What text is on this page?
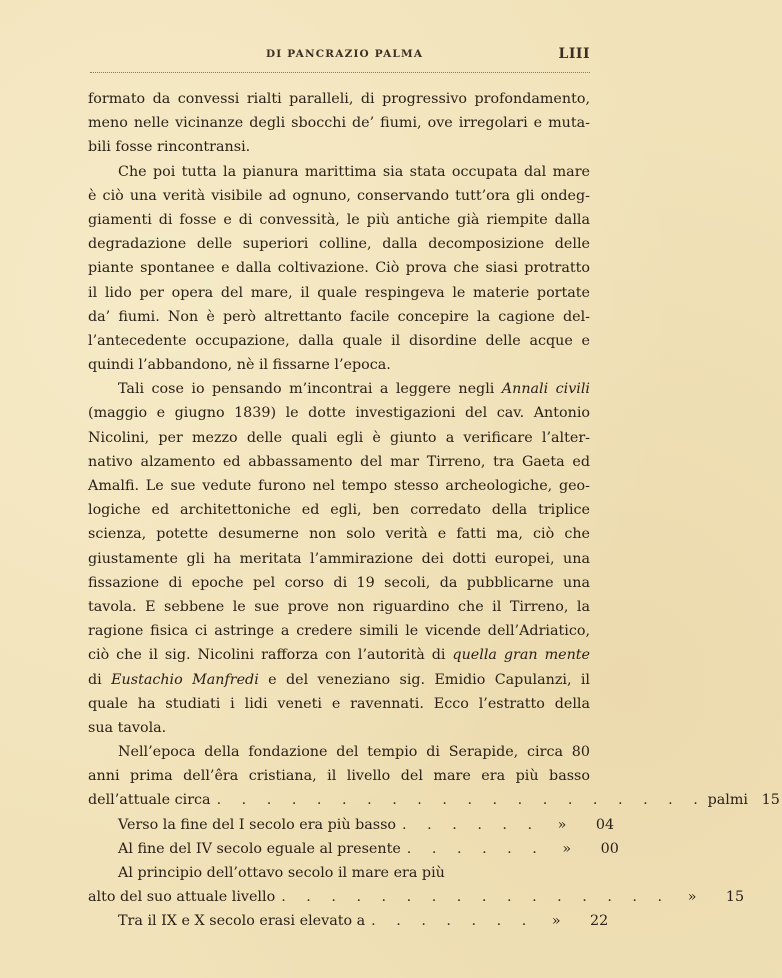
DI PANCRAZIO PALMA	LIII
formato da convessi rialti paralleli, di progressivo profondamento,
meno nelle vicinanze degli sbocchi de’ fiumi, ove irregolari e muta-
bili fosse rincontransi.
Che poi tutta la pianura marittima sia stata occupata dal mare
è ciò una verità visibile ad ognuno, conservando tutt’ora gli ondeg-
giamenti di fosse e di convessità, le più antiche già riempite dalla
degradazione delle superiori colline, dalla decomposizione delle
piante spontanee e dalla coltivazione. Ciò prova che siasi protratto
il lido per opera del mare, il quale respingeva le materie portate
da’ fiumi. Non è però altrettanto facile concepire la cagione del-
l’antecedente occupazione, dalla quale il disordine delle acque e
quindi l’abbandono, nè il fissarne l’epoca.
Tali cose io pensando m’incontrai a leggere negli Annali civili
(maggio e giugno 1839) le dotte investigazioni del cav. Antonio
Nicolini, per mezzo delle quali egli è giunto a verificare l’alter-
nativo alzamento ed abbassamento del mar Tirreno, tra Gaeta ed
Amalfi. Le sue vedute furono nel tempo stesso archeologiche, geo-
logiche ed architettoniche ed egli, ben corredato della triplice
scienza, potette desumerne non solo verità e fatti ma, ciò che
giustamente gli ha meritata l’ammirazione dei dotti europei, una
fissazione di epoche pel corso di 19 secoli, da pubblicarne una
tavola. E sebbene le sue prove non riguardino che il Tirreno, la
ragione fisica ci astringe a credere simili le vicende dell’Adriatico,
ciò che il sig. Nicolini rafforza con l’autorità di quella gran mente
di Eustachio Manfredi e del veneziano sig. Emidio Capulanzi, il
quale ha studiati i lidi veneti e ravennati. Ecco l’estratto della
sua tavola.
Nell’epoca della fondazione del tempio di Serapide, circa 80
anni prima dell’êra cristiana, il livello del mare era più basso
dell’attuale circa . . . . . . . . . . . . . . . . . . . . palmi 15
Verso la fine del I secolo era più basso . . . . . .	»	04
Al fine del IV secolo eguale al presente . . . . . .	»	00
Al principio dell’ottavo secolo il mare era più
alto del suo attuale livello . . . . . . . . . . . . . . . .	»	15
Tra il IX e X secolo erasi elevato a . . . . . . .	»	22
